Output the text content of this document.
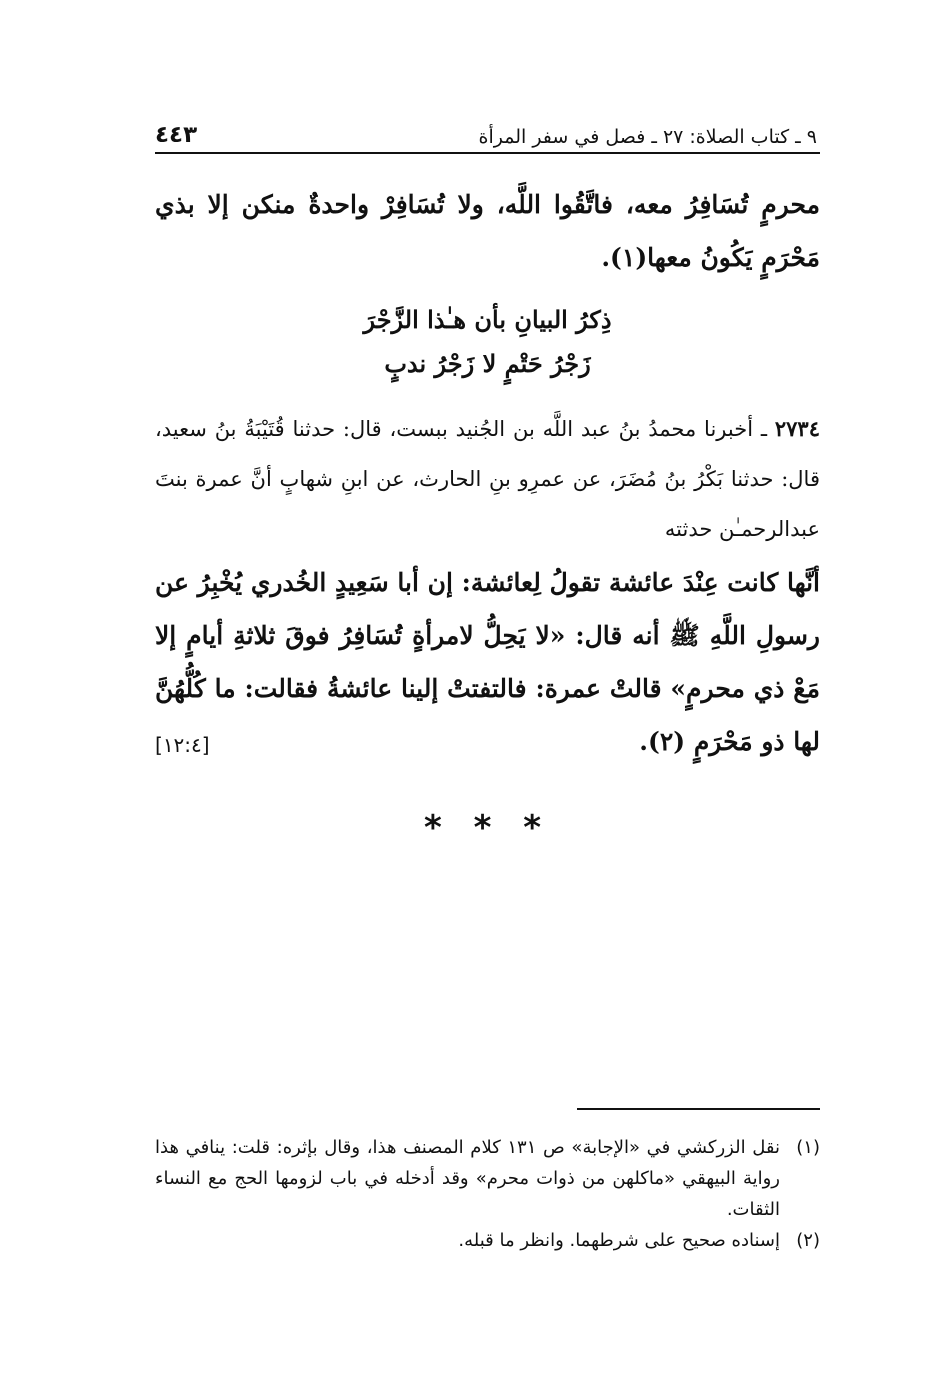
٩ ـ كتاب الصلاة: ٢٧ ـ فصل في سفر المرأة
٤٤٣

محرمٍ تُسَافِرُ معه، فاتَّقُوا اللَّه، ولا تُسَافِرْ واحدةٌ منكن إلا بذي مَحْرَمٍ يَكُونُ معها(١).

ذِكرُ البيانِ بأن هـٰذا الزَّجْرَ
زَجْرُ حَتْمٍ لا زَجْرُ ندبٍ

٢٧٣٤ ـ أخبرنا محمدُ بنُ عبد اللَّه بن الجُنيد ببست، قال: حدثنا قُتَيْبَةُ بنُ سعيد، قال: حدثنا بَكْرُ بنُ مُضَرَ، عن عمرِو بنِ الحارث، عن ابنِ شهابٍ أنَّ عمرة بنتَ عبدالرحمـٰن حدثته

أنَّها كانت عِنْدَ عائشة تقولُ لِعائشة: إن أبا سَعِيدٍ الخُدري يُخْبِرُ عن رسولِ اللَّهِ ﷺ أنه قال: «لا يَحِلُّ لامرأةٍ تُسَافِرُ فوقَ ثلاثةِ أيامٍ إلا مَعْ ذي محرمٍ» قالتْ عمرة: فالتفتتْ إلينا عائشةُ فقالت: ما كُلُّهُنَّ لها ذو مَحْرَمٍ (٢).
[١٢:٤]

* * *
(١)
نقل الزركشي في «الإجابة» ص ١٣١ كلام المصنف هذا، وقال بإثره: قلت: ينافي هذا رواية البيهقي «ماكلهن من ذوات محرم» وقد أدخله في باب لزومها الحج مع النساء الثقات.
(٢)
إسناده صحيح على شرطهما. وانظر ما قبله.
